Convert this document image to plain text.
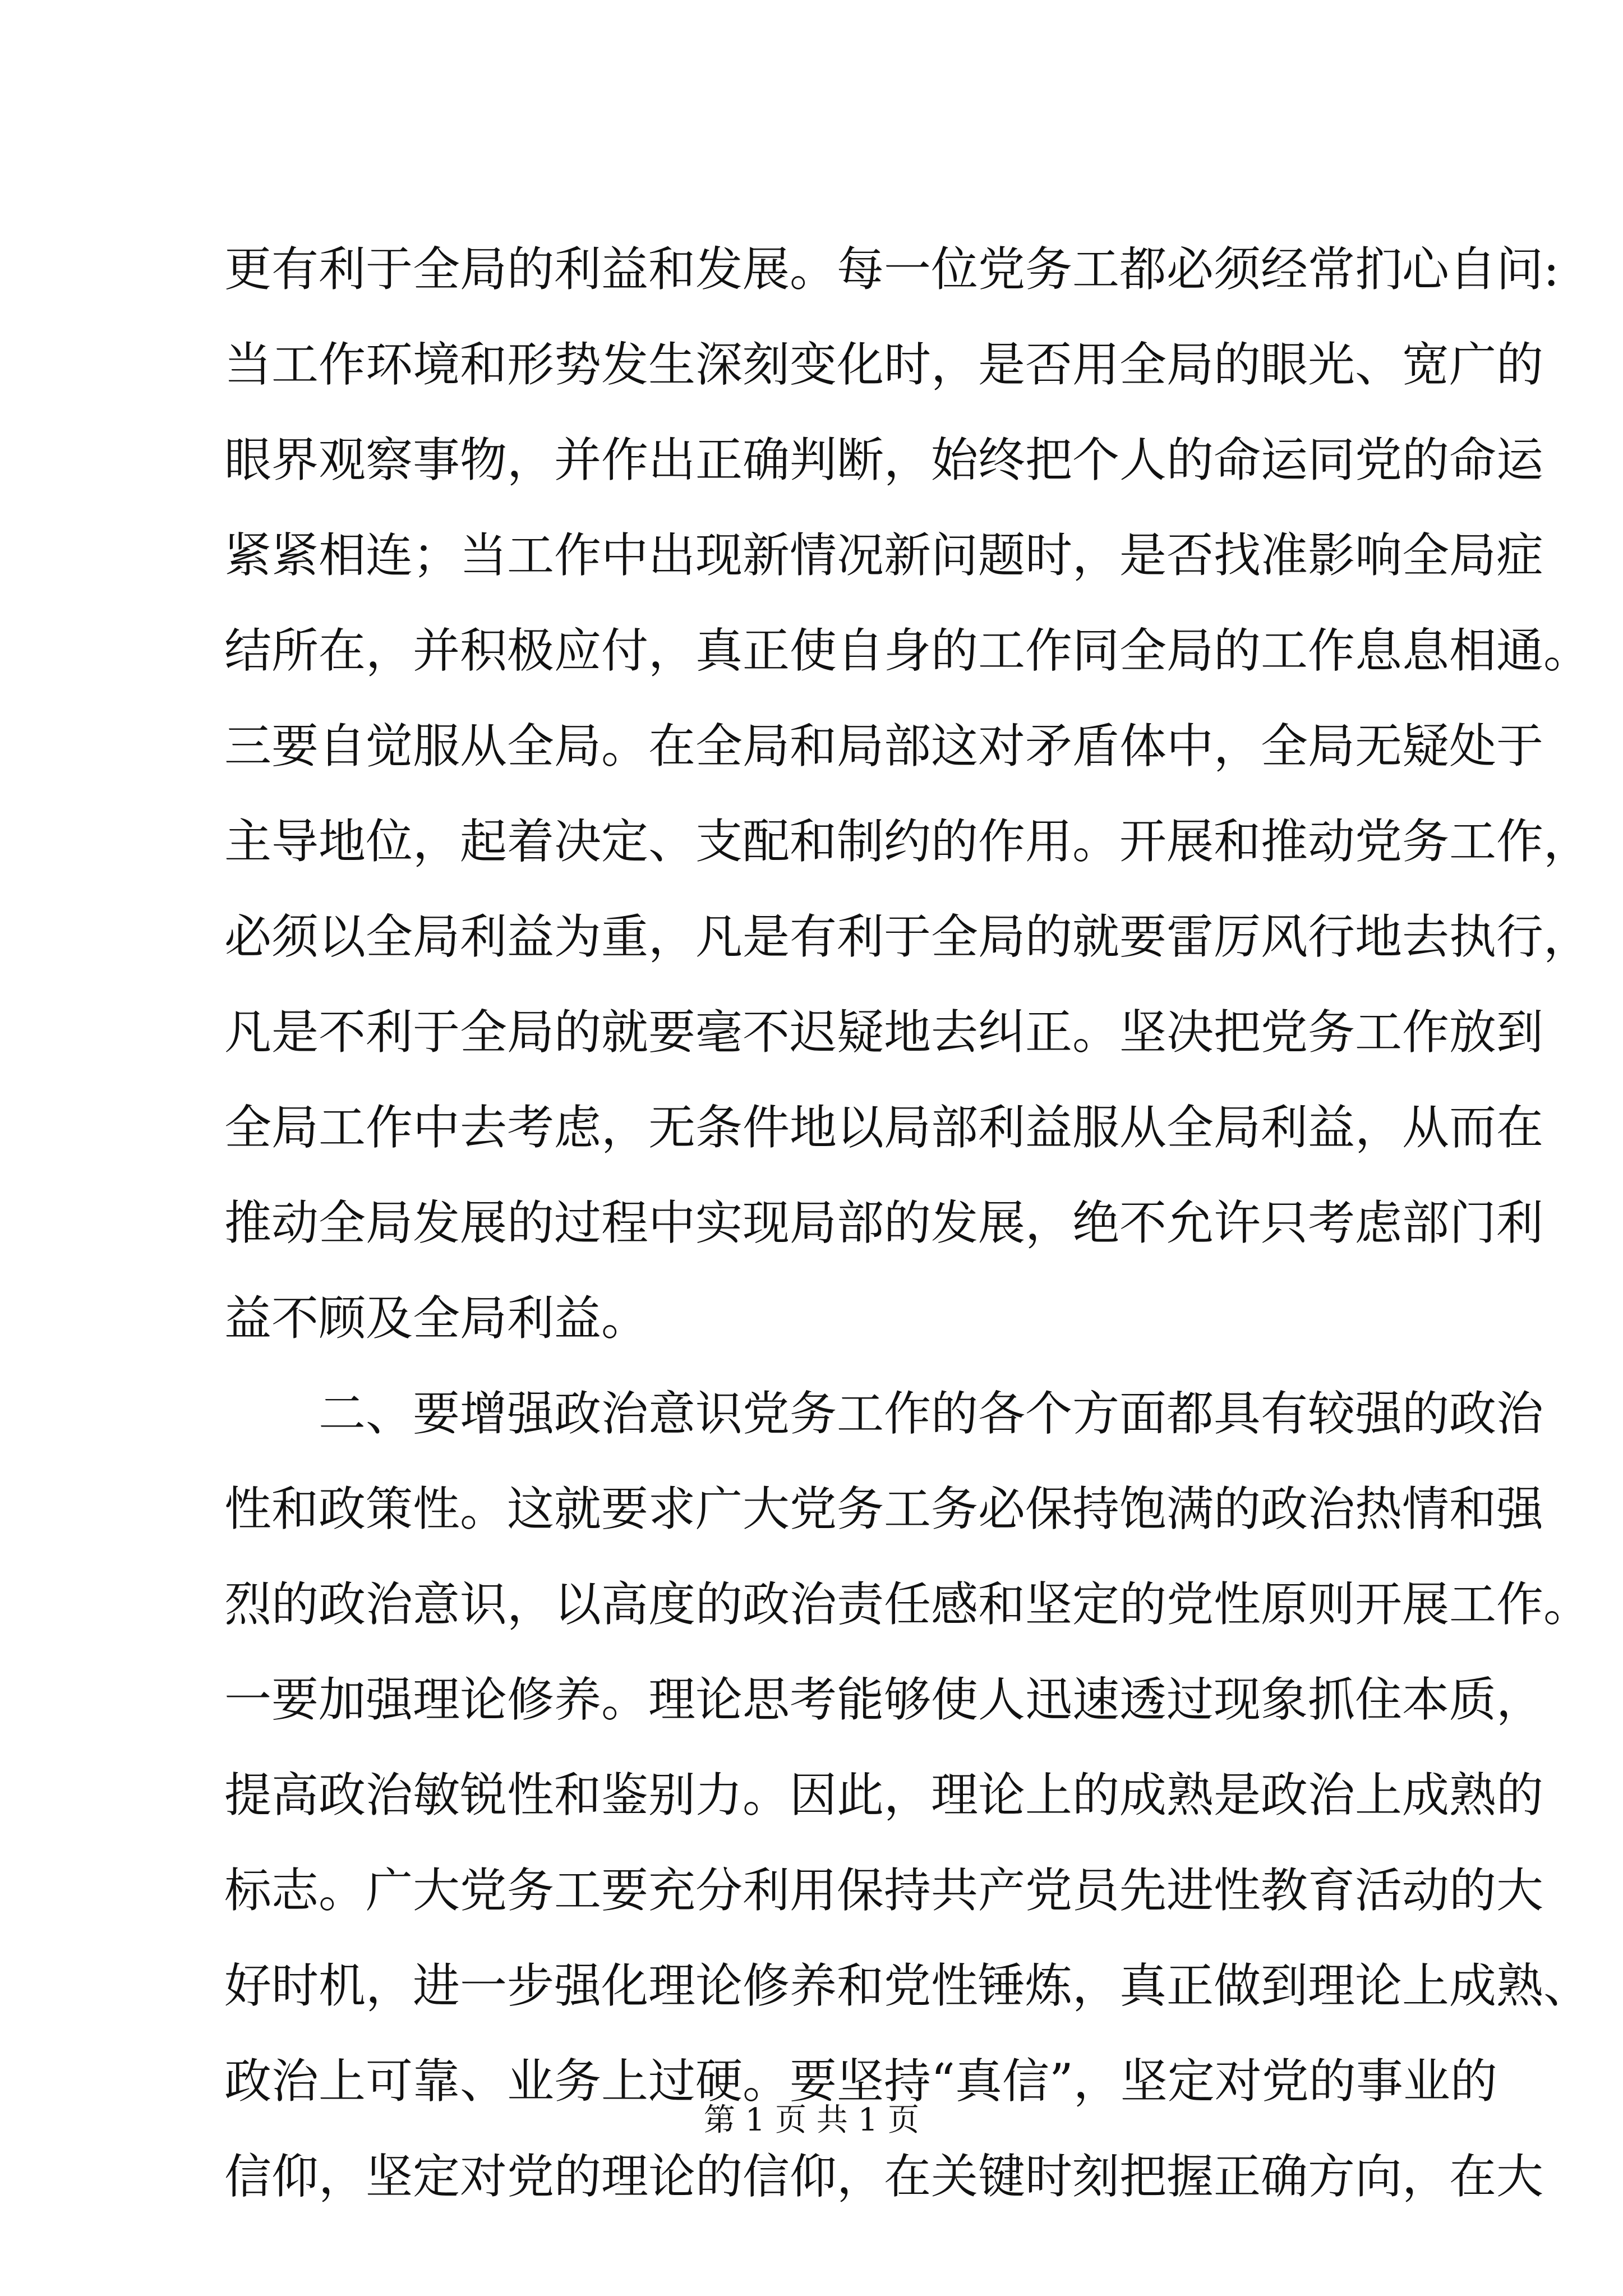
更有利于全局的利益和发展。每一位党务工都必须经常扪心自问:
当工作环境和形势发生深刻变化时，是否用全局的眼光、宽广的
眼界观察事物，并作出正确判断，始终把个人的命运同党的命运
紧紧相连；当工作中出现新情况新问题时，是否找准影响全局症
结所在，并积极应付，真正使自身的工作同全局的工作息息相通。
三要自觉服从全局。在全局和局部这对矛盾体中，全局无疑处于
主导地位，起着决定、支配和制约的作用。开展和推动党务工作，
必须以全局利益为重，凡是有利于全局的就要雷厉风行地去执行，
凡是不利于全局的就要毫不迟疑地去纠正。坚决把党务工作放到
全局工作中去考虑，无条件地以局部利益服从全局利益，从而在
推动全局发展的过程中实现局部的发展，绝不允许只考虑部门利
益不顾及全局利益。
二、要增强政治意识党务工作的各个方面都具有较强的政治
性和政策性。这就要求广大党务工务必保持饱满的政治热情和强
烈的政治意识，以高度的政治责任感和坚定的党性原则开展工作。
一要加强理论修养。理论思考能够使人迅速透过现象抓住本质，
提高政治敏锐性和鉴别力。因此，理论上的成熟是政治上成熟的
标志。广大党务工要充分利用保持共产党员先进性教育活动的大
好时机，进一步强化理论修养和党性锤炼，真正做到理论上成熟、
政治上可靠、业务上过硬。要坚持“真信”，坚定对党的事业的
信仰，坚定对党的理论的信仰，在关键时刻把握正确方向，在大
第 1 页 共 1 页
